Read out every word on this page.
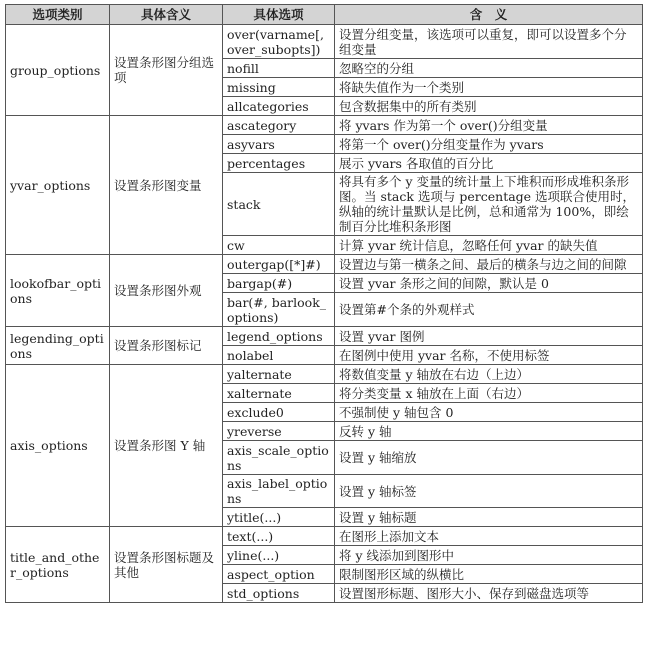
选项类别	具体含义	具体选项	含　义
group_options	设置条形图分组选项	over(varname[,over_subopts])	设置分组变量，该选项可以重复，即可以设置多个分组变量
		nofill	忽略空的分组
		missing	将缺失值作为一个类别
		allcategories	包含数据集中的所有类别
yvar_options	设置条形图变量	ascategory	将 yvars 作为第一个 over()分组变量
		asyvars	将第一个 over()分组变量作为 yvars
		percentages	展示 yvars 各取值的百分比
		stack	将具有多个 y 变量的统计量上下堆积而形成堆积条形图。当 stack 选项与 percentage 选项联合使用时，纵轴的统计量默认是比例，总和通常为 100%，即绘制百分比堆积条形图
		cw	计算 yvar 统计信息，忽略任何 yvar 的缺失值
lookofbar_options	设置条形图外观	outergap([*]#)	设置边与第一横条之间、最后的横条与边之间的间隙
		bargap(#)	设置 yvar 条形之间的间隙，默认是 0
		bar(#, barlook_options)	设置第#个条的外观样式
legending_options	设置条形图标记	legend_options	设置 yvar 图例
		nolabel	在图例中使用 yvar 名称，不使用标签
axis_options	设置条形图 Y 轴	yalternate	将数值变量 y 轴放在右边（上边）
		xalternate	将分类变量 x 轴放在上面（右边）
		exclude0	不强制使 y 轴包含 0
		yreverse	反转 y 轴
		axis_scale_options	设置 y 轴缩放
		axis_label_options	设置 y 轴标签
		ytitle(...)	设置 y 轴标题
title_and_other_options	设置条形图标题及其他	text(...)	在图形上添加文本
		yline(...)	将 y 线添加到图形中
		aspect_option	限制图形区域的纵横比
		std_options	设置图形标题、图形大小、保存到磁盘选项等
